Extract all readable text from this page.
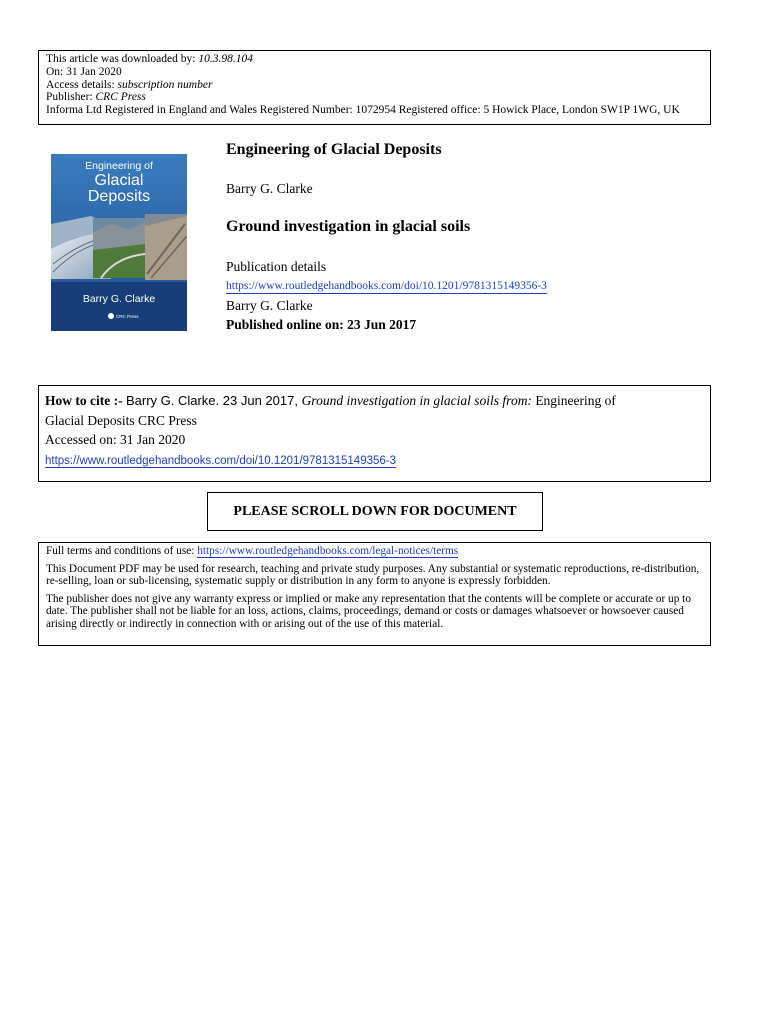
This article was downloaded by: 10.3.98.104
On: 31 Jan 2020
Access details: subscription number
Publisher: CRC Press
Informa Ltd Registered in England and Wales Registered Number: 1072954 Registered office: 5 Howick Place, London SW1P 1WG, UK
Engineering of
Glacial
Deposits
Barry G. Clarke
CRC Press
Engineering of Glacial Deposits
Barry G. Clarke
Ground investigation in glacial soils
Publication details
https://www.routledgehandbooks.com/doi/10.1201/9781315149356-3
Barry G. Clarke
Published online on: 23 Jun 2017
How to cite :- Barry G. Clarke. 23 Jun 2017, Ground investigation in glacial soils from: Engineering of
Glacial Deposits CRC Press
Accessed on: 31 Jan 2020
https://www.routledgehandbooks.com/doi/10.1201/9781315149356-3
PLEASE SCROLL DOWN FOR DOCUMENT

Full terms and conditions of use: https://www.routledgehandbooks.com/legal-notices/terms

This Document PDF may be used for research, teaching and private study purposes. Any substantial or systematic reproductions, re-distribution, re-selling, loan or sub-licensing, systematic supply or distribution in any form to anyone is expressly forbidden.

The publisher does not give any warranty express or implied or make any representation that the contents will be complete or accurate or up to date. The publisher shall not be liable for an loss, actions, claims, proceedings, demand or costs or damages whatsoever or howsoever caused arising directly or indirectly in connection with or arising out of the use of this material.
